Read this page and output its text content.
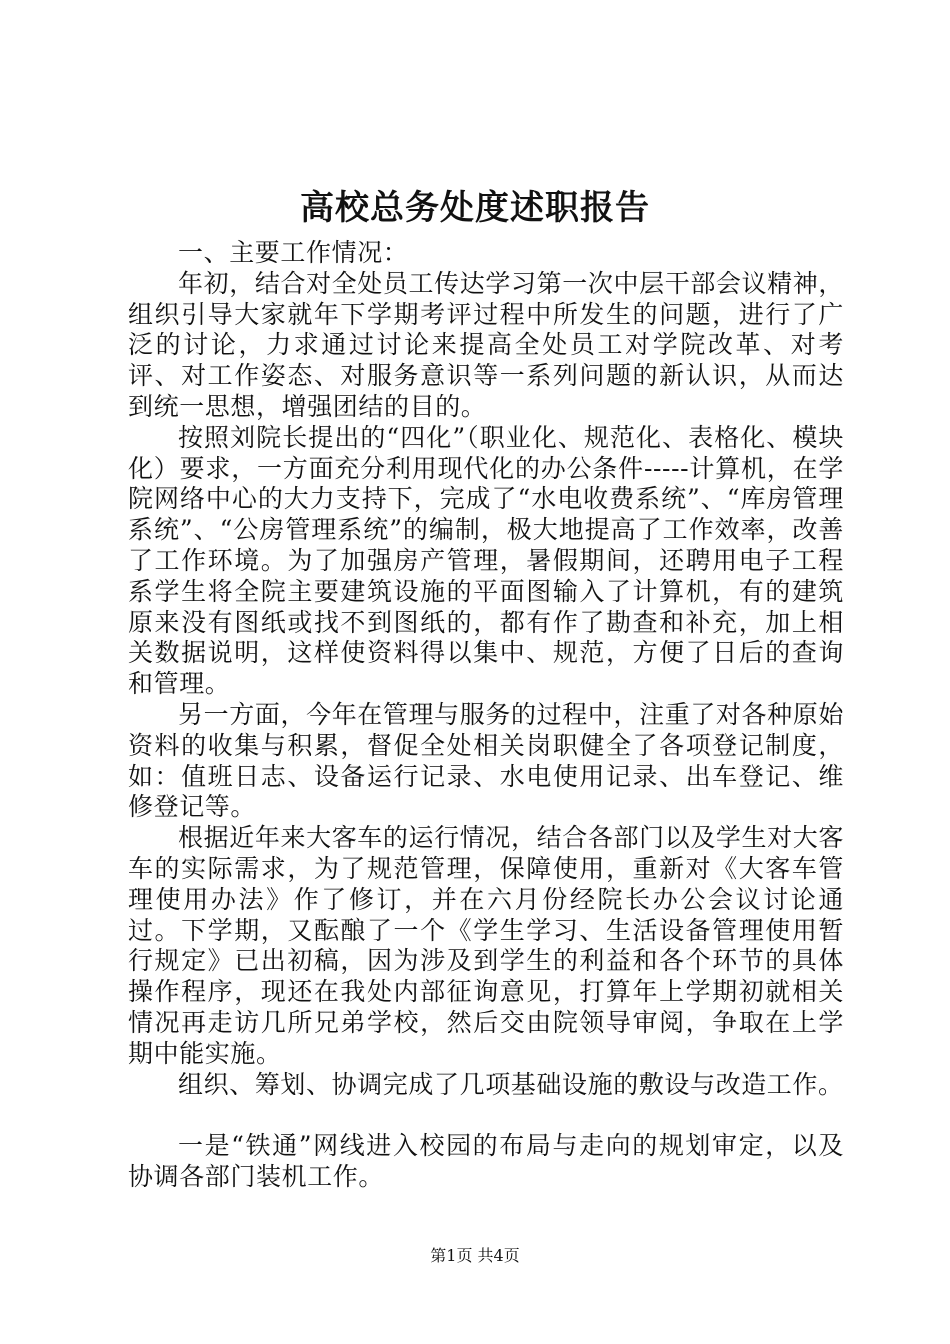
高校总务处度述职报告

一、主要工作情况：

年初，结合对全处员工传达学习第一次中层干部会议精神，组织引导大家就年下学期考评过程中所发生的问题，进行了广泛的讨论，力求通过讨论来提高全处员工对学院改革、对考评、对工作姿态、对服务意识等一系列问题的新认识，从而达到统一思想，增强团结的目的。

按照刘院长提出的“四化”（职业化、规范化、表格化、模块化）要求，一方面充分利用现代化的办公条件-----计算机，在学院网络中心的大力支持下，完成了“水电收费系统”、“库房管理系统”、“公房管理系统”的编制，极大地提高了工作效率，改善了工作环境。为了加强房产管理，暑假期间，还聘用电子工程系学生将全院主要建筑设施的平面图输入了计算机，有的建筑原来没有图纸或找不到图纸的，都有作了勘查和补充，加上相关数据说明，这样使资料得以集中、规范，方便了日后的查询和管理。

另一方面，今年在管理与服务的过程中，注重了对各种原始资料的收集与积累，督促全处相关岗职健全了各项登记制度，如：值班日志、设备运行记录、水电使用记录、出车登记、维修登记等。

根据近年来大客车的运行情况，结合各部门以及学生对大客车的实际需求，为了规范管理，保障使用，重新对《大客车管理使用办法》作了修订，并在六月份经院长办公会议讨论通过。下学期，又酝酿了一个《学生学习、生活设备管理使用暂行规定》已出初稿，因为涉及到学生的利益和各个环节的具体操作程序，现还在我处内部征询意见，打算年上学期初就相关情况再走访几所兄弟学校，然后交由院领导审阅，争取在上学期中能实施。

组织、筹划、协调完成了几项基础设施的敷设与改造工作。

一是“铁通”网线进入校园的布局与走向的规划审定，以及协调各部门装机工作。

第1页 共4页
